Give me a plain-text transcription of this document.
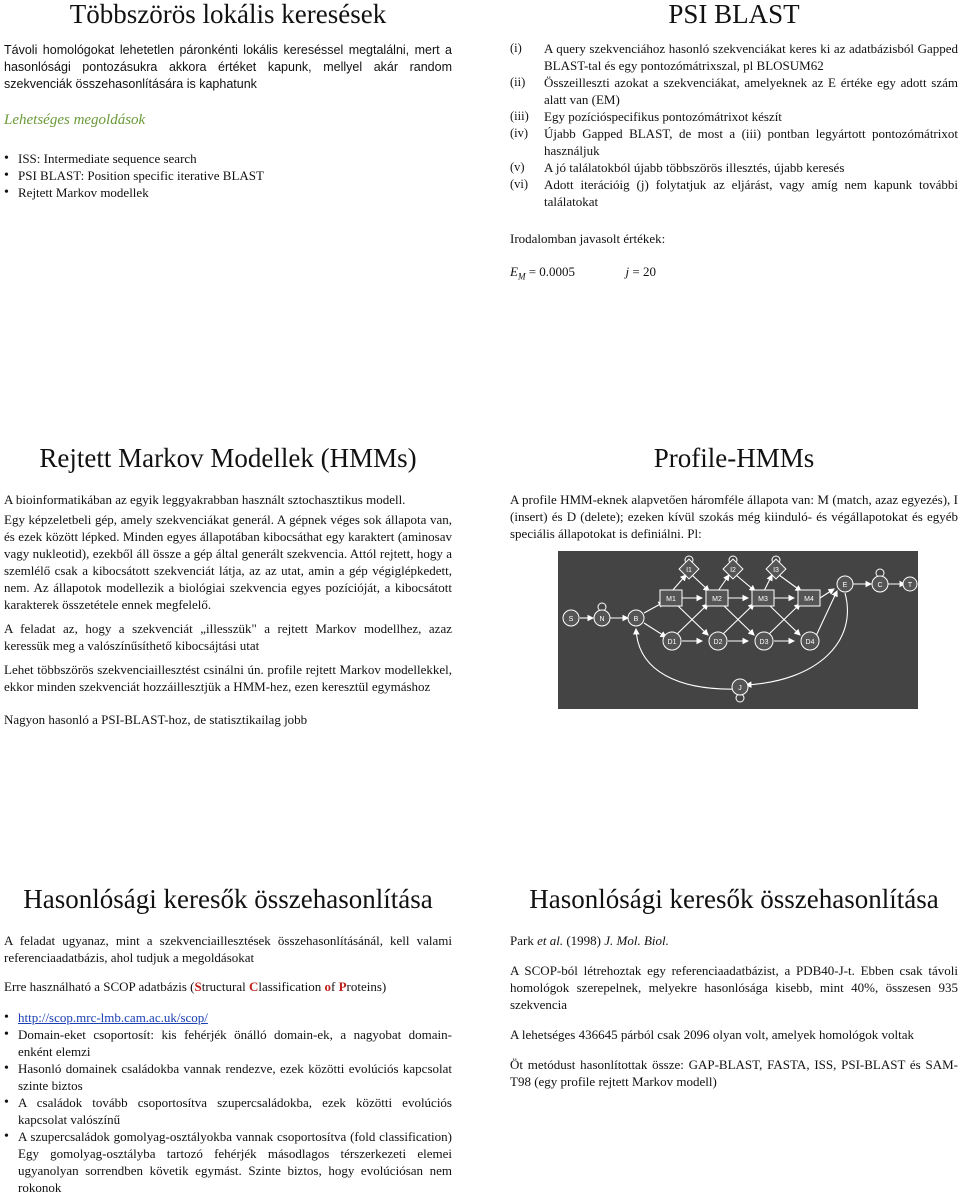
Többszörös lokális keresések

Távoli homológokat lehetetlen páronkénti lokális kereséssel megtalálni, mert a hasonlósági pontozásukra akkora értéket kapunk, mellyel akár random szekvenciák összehasonlítására is kaphatunk

Lehetséges megoldások

• ISS: Intermediate sequence search
• PSI BLAST: Position specific iterative BLAST
• Rejtett Markov modellek
PSI BLAST
(i)	A query szekvenciához hasonló szekvenciákat keres ki az adatbázisból Gapped BLAST-tal és egy pontozómátrixszal, pl BLOSUM62
(ii)	Összeilleszti azokat a szekvenciákat, amelyeknek az E értéke egy adott szám alatt van (EM)
(iii)	Egy pozícióspecifikus pontozómátrixot készít
(iv)	Újabb Gapped BLAST, de most a (iii) pontban legyártott pontozómátrixot használjuk
(v)	A jó találatokból újabb többszörös illesztés, újabb keresés
(vi)	Adott iterációig (j) folytatjuk az eljárást, vagy amíg nem kapunk további találatokat

Irodalomban javasolt értékek:

$E_M = 0.0005$	j = 20

Rejtett Markov Modellek (HMMs)

A bioinformatikában az egyik leggyakrabban használt sztochasztikus modell.

Egy képzeletbeli gép, amely szekvenciákat generál. A gépnek véges sok állapota van, és ezek között lépked. Minden egyes állapotában kibocsáthat egy karaktert (aminosav vagy nukleotid), ezekből áll össze a gép által generált szekvencia. Attól rejtett, hogy a szemlélő csak a kibocsátott szekvenciát látja, az az utat, amin a gép végiglépkedett, nem. Az állapotok modellezik a biológiai szekvencia egyes pozícióját, a kibocsátott karakterek összetétele ennek megfelelő.

A feladat az, hogy a szekvenciát „illesszük" a rejtett Markov modellhez, azaz keressük meg a valószínűsíthető kibocsájtási utat

Lehet többszörös szekvenciaillesztést csinálni ún. profile rejtett Markov modellekkel, ekkor minden szekvenciát hozzáillesztjük a HMM-hez, ezen keresztül egymáshoz

Nagyon hasonló a PSI-BLAST-hoz, de statisztikailag jobb

Profile-HMMs

A profile HMM-eknek alapvetően háromféle állapota van: M (match, azaz egyezés), I (insert) és D (delete); ezeken kívül szokás még kiinduló- és végállapotokat és egyéb speciális állapotokat is definiálni. Pl:

S	N	B
I1	I2	I3
M1	M2	M3	M4
D1	D2	D3	D4
E	C	T
J
Hasonlósági keresők összehasonlítása

A feladat ugyanaz, mint a szekvenciaillesztések összehasonlításánál, kell valami referenciaadatbázis, ahol tudjuk a megoldásokat

Erre használható a SCOP adatbázis (Structural Classification of Proteins)

• http://scop.mrc-lmb.cam.ac.uk/scop/
• Domain-eket csoportosít: kis fehérjék önálló domain-ek, a nagyobat domain-enként elemzi
• Hasonló domainek családokba vannak rendezve, ezek közötti evolúciós kapcsolat szinte biztos
• A családok tovább csoportosítva szupercsaládokba, ezek közötti evolúciós kapcsolat valószínű
• A szupercsaládok gomolyag-osztályokba vannak csoportosítva (fold classification) Egy gomolyag-osztályba tartozó fehérjék másodlagos térszerkezeti elemei ugyanolyan sorrendben követik egymást. Szinte biztos, hogy evolúciósan nem rokonok
Hasonlósági keresők összehasonlítása

Park et al. (1998) J. Mol. Biol.

A SCOP-ból létrehoztak egy referenciaadatbázist, a PDB40-J-t. Ebben csak távoli homológok szerepelnek, melyekre hasonlósága kisebb, mint 40%, összesen 935 szekvencia

A lehetséges 436645 párból csak 2096 olyan volt, amelyek homológok voltak

Öt metódust hasonlítottak össze: GAP-BLAST, FASTA, ISS, PSI-BLAST és SAM-T98 (egy profile rejtett Markov modell)
